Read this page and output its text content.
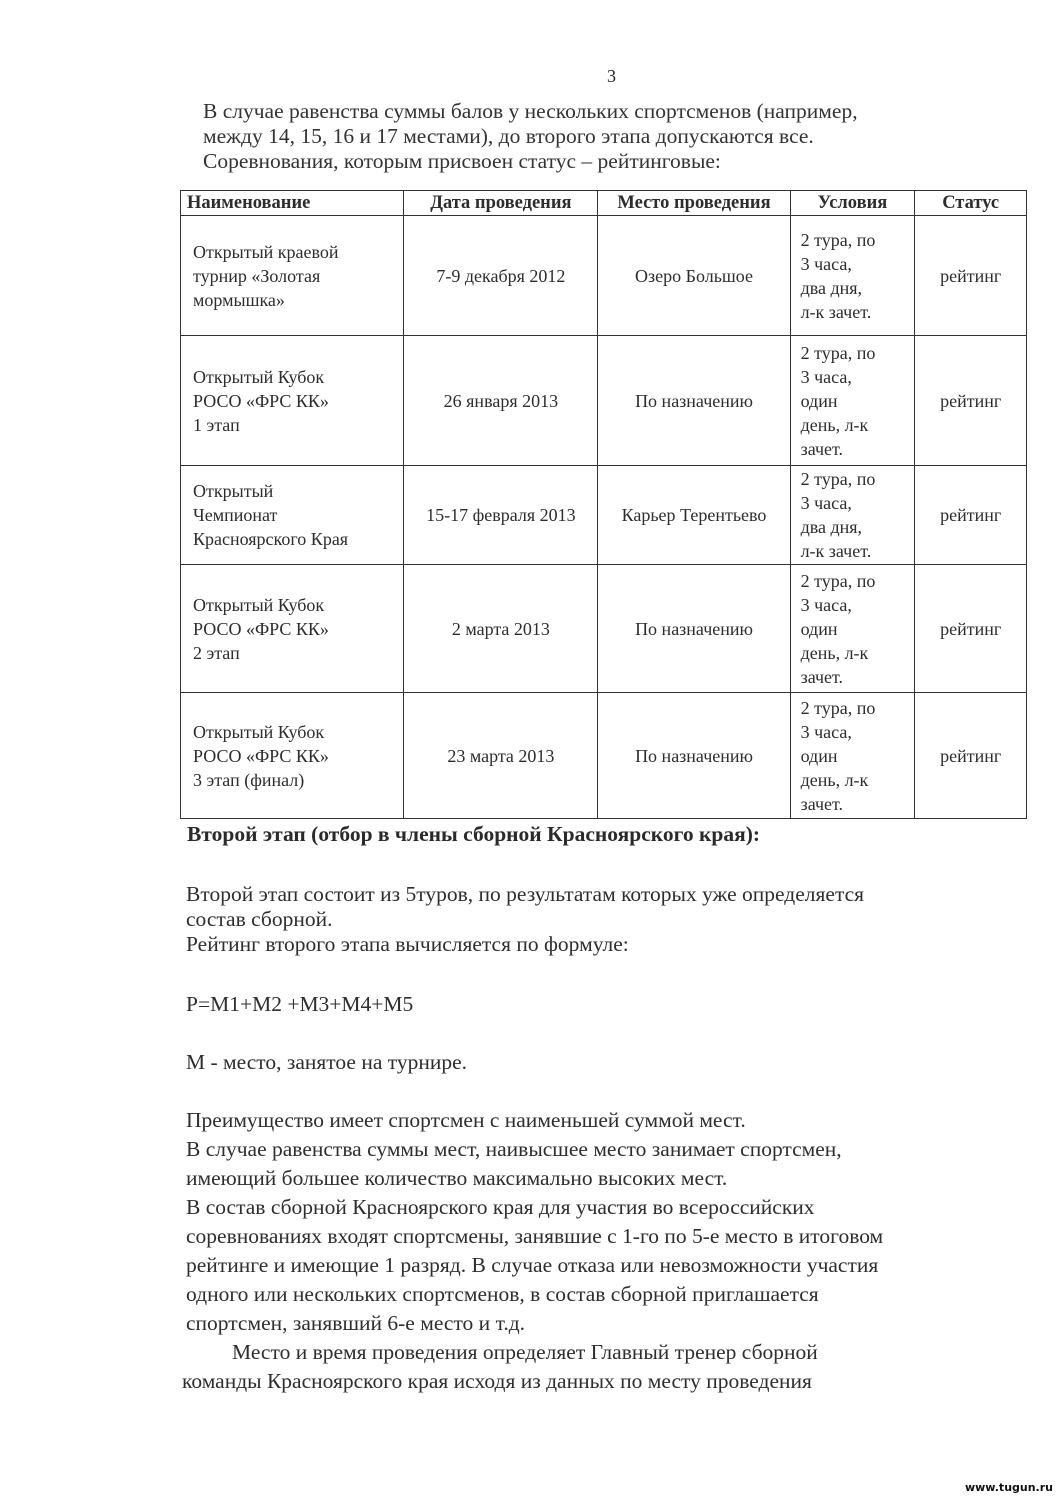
3

В случае равенства суммы балов у нескольких спортсменов (например,

между 14, 15, 16 и 17 местами), до второго этапа допускаются все.

Соревнования, которым присвоен статус – рейтинговые:

Наименование	Дата проведения	Место проведения	Условия	Статус
Открытый краевой
турнир «Золотая
мормышка»	7-9 декабря 2012	Озеро Большое	2 тура, по
3 часа,
два дня,
л-к зачет.	рейтинг
Открытый Кубок
РОСО «ФРС КК»
1 этап	26 января 2013	По назначению	2 тура, по
3 часа,
один
день, л-к
зачет.	рейтинг
Открытый
Чемпионат
Красноярского Края	15-17 февраля 2013	Карьер Терентьево	2 тура, по
3 часа,
два дня,
л-к зачет.	рейтинг
Открытый Кубок
РОСО «ФРС КК»
2 этап	2 марта 2013	По назначению	2 тура, по
3 часа,
один
день, л-к
зачет.	рейтинг
Открытый Кубок
РОСО «ФРС КК»
3 этап (финал)	23 марта 2013	По назначению	2 тура, по
3 часа,
один
день, л-к
зачет.	рейтинг
Второй этап (отбор в члены сборной Красноярского края):

Второй этап состоит из 5туров, по результатам которых уже определяется

состав сборной.

Рейтинг второго этапа вычисляется по формуле:

Р=М1+М2 +М3+М4+М5
М - место, занятое на турнире.

Преимущество имеет спортсмен с наименьшей суммой мест.

В случае равенства суммы мест, наивысшее место занимает спортсмен,

имеющий большее количество максимально высоких мест.

В состав сборной Красноярского края для участия во всероссийских

соревнованиях входят спортсмены, занявшие с 1-го по 5-е место в итоговом

рейтинге и имеющие 1 разряд. В случае отказа или невозможности участия

одного или нескольких спортсменов, в состав сборной приглашается

спортсмен, занявший 6-е место и т.д.

Место и время проведения определяет Главный тренер сборной

команды Красноярского края исходя из данных по месту проведения

www.tugun.ru
